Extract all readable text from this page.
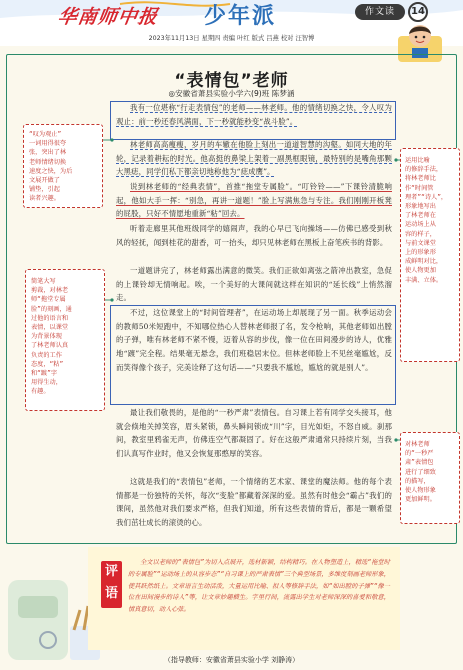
华南师中报 少年派	作文读	14
2023年11月13日 星期四 责编 叶红 版式 吕燕 校对 汪智博
“表情包”老师
◎安徽省萧县实验小学六(9)班 陈梦涵
我有一位堪称“行走表情包”的老师——林老师。他的情绪切换之快，令人叹为观止：前一秒还春风满面，下一秒就能秒变“战斗脸”。
林老师高高瘦瘦，岁月的车辙在他脸上刻出一道道智慧的沟壑。如同大地的年轮，记录着耕耘的时光。他高挺的鼻梁上架着一副黑框眼镜，最特别的是嘴角那颗大黑痣，同学们私下都亲切地称他为“痣成鹰”。
说到林老师的“经典表情”，首推“拖堂专属脸”。“叮铃铃——”下课铃清脆响起，他如大手一挥：“别急，再讲一道题！”脸上写满焦急与专注。我们刚刚开板凳的屁股，只好不情愿地重新“粘”回去。
听着走廊里其他班级同学的嬉闹声，我的心早已飞向操场——仿佛已感受到秋风的轻抚，闻到桂花的甜香，可一抬头，却只见林老师在黑板上奋笔疾书的背影。
一道题讲完了，林老师露出满意的微笑。我们正欲如离弦之箭冲出教室，急促的上课铃却无情响起。唉，一个美好的大课间就这样在知识的“延长线”上悄然溜走。
不过，这位课堂上的“时间管理者”，在运动场上却展现了另一面。秋季运动会的教师50米短跑中，不知哪位热心人替林老师报了名，发令枪响，其他老师如出膛的子弹，唯有林老师不紧不慢，迈着从容的步伐，像一位在田间漫步的诗人，优雅地“踱”完全程。结果毫无悬念，我们班稳居末位。但林老师脸上不见丝毫尴尬，反而笑得像个孩子，完美诠释了这句话——“只要我不尴尬，尴尬的就是别人”。
最让我们敬畏的，是他的“一秒严肃”表情包。自习课上若有同学交头接耳，他就会倏地关掉笑容，眉头紧锁，鼻头瞬间锁成“川”字，目光如炬，不怒自威。刹那间，教室里鸦雀无声，仿佛连空气都凝固了。好在这般严肃通常只持续片刻，当我们认真写作业时，他又会恢复那憨厚的笑容。
这就是我们的“表情包”老师，一个情绪的艺术家、课堂的魔法师。他的每个表情都是一份独特的关怀，每次“变脸”都藏着深深的爱。虽然有时他会“霸占”我们的课间，虽然他对我们要求严格，但我们知道，所有这些表情的背后，都是一颗希望我们茁壮成长的滚烫的心。
“叹为观止”
一词用得很夸
张，突出了林
老师情绪切换
速度之快，为后
文展开做了
铺垫，引起
读者兴趣。
简笔大写
剪裁，对林老
师“拖堂专属
脸”的刻画，通
过他的语言和
表情，以课堂
为背景体现
了林老师认真
负责的工作
态度，“粘”
和“踱”字
用得生动，
有趣。
运用比喻
的修辞手法，
将林老师比
作“时间管
理者”“诗人”，
形象地写出
了林老师在
运动场上从
容的样子，
与前文课堂
上的形象形
成鲜明对比，
使人物更加
丰满、立体。
对林老师
的“一秒严
肃”表情包
进行了细致
的描写，
使人物形象
更加鲜明。
评
语
全文以老师的“表情包”为切入点展开，选材新颖，结构精巧。在人物塑造上，精选“拖堂时的专属脸”“运动场上的从容步态”“自习课上的严肃表情”三个典型场景，多维度刻画老师形象，使其跃然纸上。文章语言生动活泼，大量运用比喻、拟人等修辞手法，如“如出膛的子弹”“像一位在田间漫步的诗人”等，让文章妙趣横生。字里行间，流露出学生对老师深深的喜爱和敬意，情真意切，动人心弦。
（指导教师：安徽省萧县实验小学 刘静涛）
